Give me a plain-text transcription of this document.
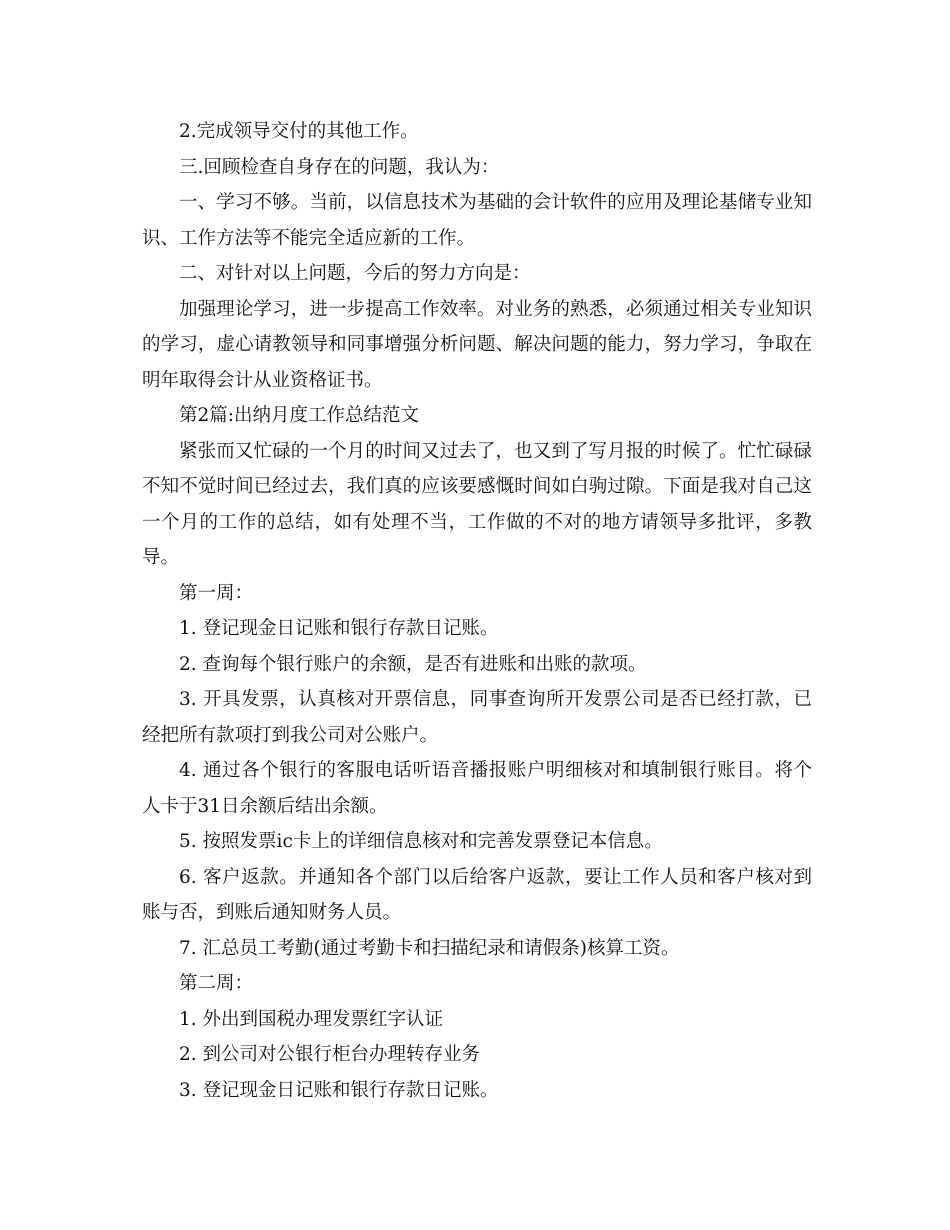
2.完成领导交付的其他工作。

三.回顾检查自身存在的问题，我认为：

一、学习不够。当前，以信息技术为基础的会计软件的应用及理论基储专业知识、工作方法等不能完全适应新的工作。

二、对针对以上问题，今后的努力方向是：

加强理论学习，进一步提高工作效率。对业务的熟悉，必须通过相关专业知识的学习，虚心请教领导和同事增强分析问题、解决问题的能力，努力学习，争取在明年取得会计从业资格证书。

第2篇:出纳月度工作总结范文

紧张而又忙碌的一个月的时间又过去了，也又到了写月报的时候了。忙忙碌碌不知不觉时间已经过去，我们真的应该要感慨时间如白驹过隙。下面是我对自己这一个月的工作的总结，如有处理不当，工作做的不对的地方请领导多批评，多教导。

第一周：

1. 登记现金日记账和银行存款日记账。

2. 查询每个银行账户的余额，是否有进账和出账的款项。

3. 开具发票，认真核对开票信息，同事查询所开发票公司是否已经打款，已经把所有款项打到我公司对公账户。

4. 通过各个银行的客服电话听语音播报账户明细核对和填制银行账目。将个人卡于31日余额后结出余额。

5. 按照发票ic卡上的详细信息核对和完善发票登记本信息。

6. 客户返款。并通知各个部门以后给客户返款，要让工作人员和客户核对到账与否，到账后通知财务人员。

7. 汇总员工考勤(通过考勤卡和扫描纪录和请假条)核算工资。

第二周：

1. 外出到国税办理发票红字认证

2. 到公司对公银行柜台办理转存业务

3. 登记现金日记账和银行存款日记账。
